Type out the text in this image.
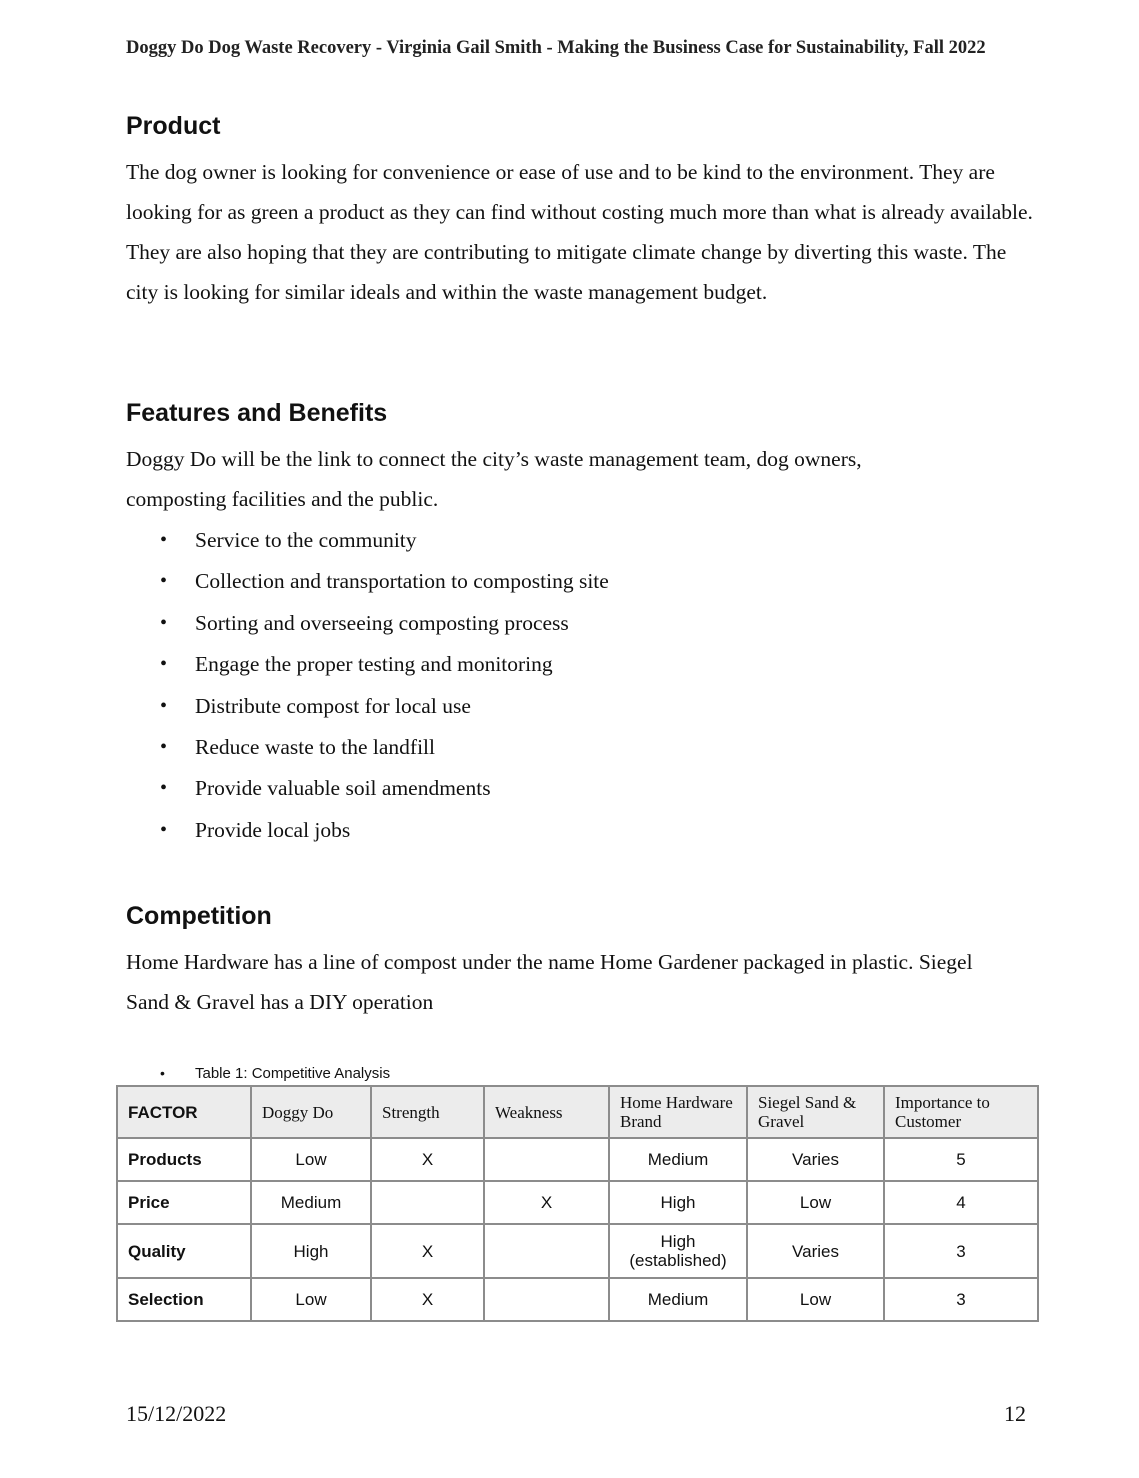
Doggy Do Dog Waste Recovery - Virginia Gail Smith - Making the Business Case for Sustainability, Fall 2022
Product

The dog owner is looking for convenience or ease of use and to be kind to the environment. They are looking for as green a product as they can find without costing much more than what is already available. They are also hoping that they are contributing to mitigate climate change by diverting this waste. The city is looking for similar ideals and within the waste management budget.

Features and Benefits

Doggy Do will be the link to connect the city’s waste management team, dog owners, composting facilities and the public.

• Service to the community
• Collection and transportation to composting site
• Sorting and overseeing composting process
• Engage the proper testing and monitoring
• Distribute compost for local use
• Reduce waste to the landfill
• Provide valuable soil amendments
• Provide local jobs
Competition

Home Hardware has a line of compost under the name Home Gardener packaged in plastic. Siegel Sand & Gravel has a DIY operation

• Table 1: Competitive Analysis
FACTOR	Doggy Do	Strength	Weakness	Home Hardware Brand	Siegel Sand & Gravel	Importance to Customer
Products	Low	X		Medium	Varies	5
Price	Medium		X	High	Low	4
Quality	High	X		High (established)	Varies	3
Selection	Low	X		Medium	Low	3
15/12/2022	12
